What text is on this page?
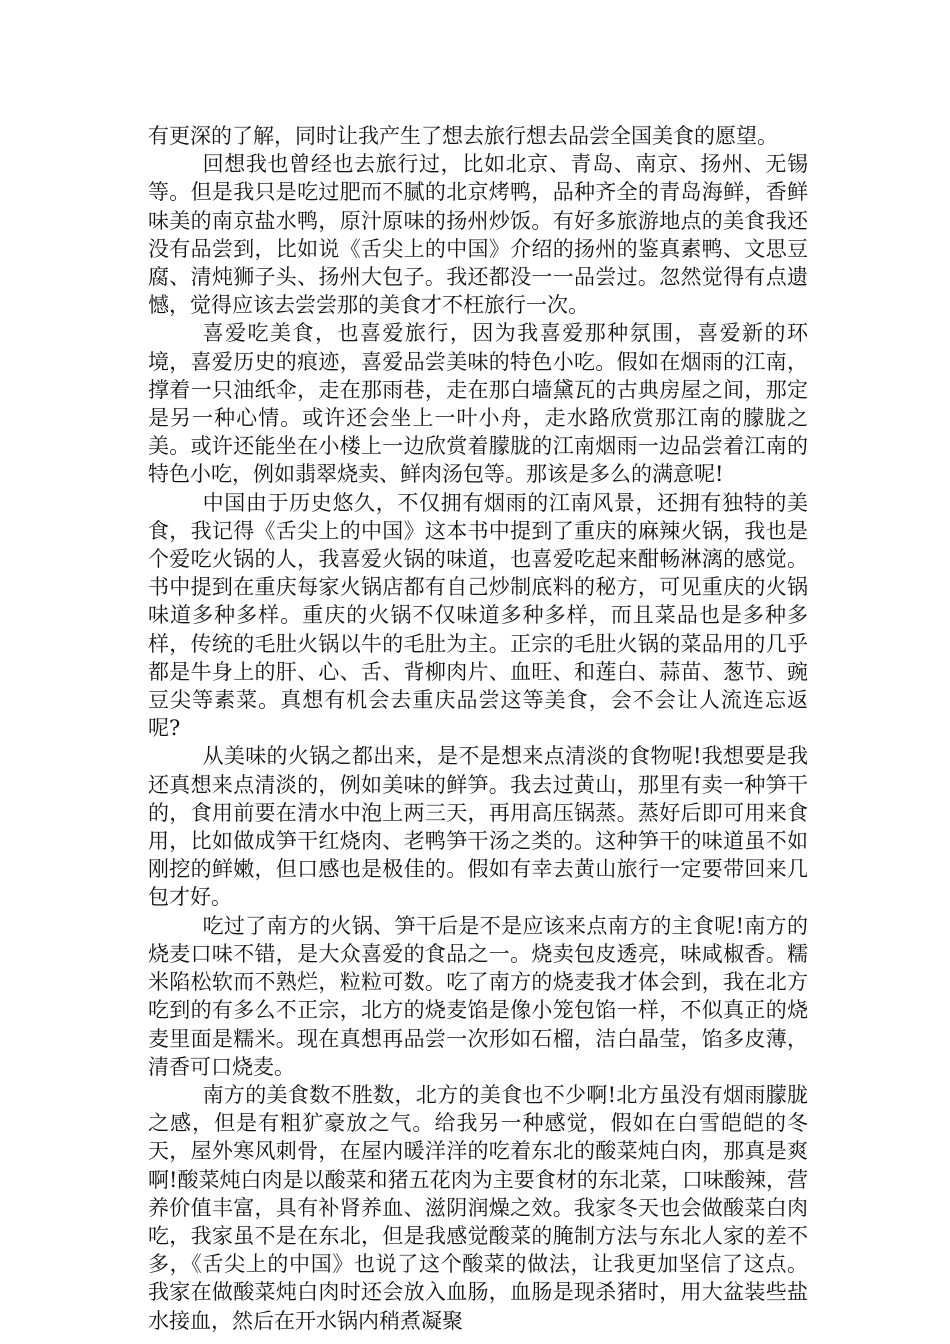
有更深的了解，同时让我产生了想去旅行想去品尝全国美食的愿望。

回想我也曾经也去旅行过，比如北京、青岛、南京、扬州、无锡等。但是我只是吃过肥而不腻的北京烤鸭，品种齐全的青岛海鲜，香鲜味美的南京盐水鸭，原汁原味的扬州炒饭。有好多旅游地点的美食我还没有品尝到，比如说《舌尖上的中国》介绍的扬州的鉴真素鸭、文思豆腐、清炖狮子头、扬州大包子。我还都没一一品尝过。忽然觉得有点遗憾，觉得应该去尝尝那的美食才不枉旅行一次。

喜爱吃美食，也喜爱旅行，因为我喜爱那种氛围，喜爱新的环境，喜爱历史的痕迹，喜爱品尝美味的特色小吃。假如在烟雨的江南，撑着一只油纸伞，走在那雨巷，走在那白墙黛瓦的古典房屋之间，那定是另一种心情。或许还会坐上一叶小舟，走水路欣赏那江南的朦胧之美。或许还能坐在小楼上一边欣赏着朦胧的江南烟雨一边品尝着江南的特色小吃，例如翡翠烧卖、鲜肉汤包等。那该是多么的满意呢!

中国由于历史悠久，不仅拥有烟雨的江南风景，还拥有独特的美食，我记得《舌尖上的中国》这本书中提到了重庆的麻辣火锅，我也是个爱吃火锅的人，我喜爱火锅的味道，也喜爱吃起来酣畅淋漓的感觉。书中提到在重庆每家火锅店都有自己炒制底料的秘方，可见重庆的火锅味道多种多样。重庆的火锅不仅味道多种多样，而且菜品也是多种多样，传统的毛肚火锅以牛的毛肚为主。正宗的毛肚火锅的菜品用的几乎都是牛身上的肝、心、舌、背柳肉片、血旺、和莲白、蒜苗、葱节、豌豆尖等素菜。真想有机会去重庆品尝这等美食，会不会让人流连忘返呢?

从美味的火锅之都出来，是不是想来点清淡的食物呢!我想要是我还真想来点清淡的，例如美味的鲜笋。我去过黄山，那里有卖一种笋干的，食用前要在清水中泡上两三天，再用高压锅蒸。蒸好后即可用来食用，比如做成笋干红烧肉、老鸭笋干汤之类的。这种笋干的味道虽不如刚挖的鲜嫩，但口感也是极佳的。假如有幸去黄山旅行一定要带回来几包才好。

吃过了南方的火锅、笋干后是不是应该来点南方的主食呢!南方的烧麦口味不错，是大众喜爱的食品之一。烧卖包皮透亮，味咸椒香。糯米陷松软而不熟烂，粒粒可数。吃了南方的烧麦我才体会到，我在北方吃到的有多么不正宗，北方的烧麦馅是像小笼包馅一样，不似真正的烧麦里面是糯米。现在真想再品尝一次形如石榴，洁白晶莹，馅多皮薄，清香可口烧麦。

南方的美食数不胜数，北方的美食也不少啊!北方虽没有烟雨朦胧之感，但是有粗犷豪放之气。给我另一种感觉，假如在白雪皑皑的冬天，屋外寒风刺骨，在屋内暖洋洋的吃着东北的酸菜炖白肉，那真是爽啊!酸菜炖白肉是以酸菜和猪五花肉为主要食材的东北菜，口味酸辣，营养价值丰富，具有补肾养血、滋阴润燥之效。我家冬天也会做酸菜白肉吃，我家虽不是在东北，但是我感觉酸菜的腌制方法与东北人家的差不多，《舌尖上的中国》也说了这个酸菜的做法，让我更加坚信了这点。我家在做酸菜炖白肉时还会放入血肠，血肠是现杀猪时，用大盆装些盐水接血，然后在开水锅内稍煮凝聚
